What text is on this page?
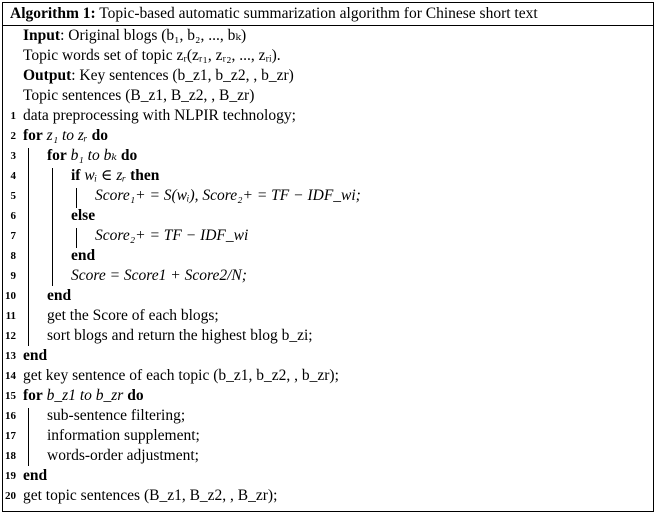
Algorithm 1: Topic-based automatic summarization algorithm for Chinese short text
Input: Original blogs (b₁, b₂, ..., bₖ)
Topic words set of topic zᵣ(zᵣ₁, zᵣ₂, ..., zᵣᵢ).
Output: Key sentences (b_z1, b_z2, , b_zr)
Topic sentences (B_z1, B_z2, , B_zr)
1 data preprocessing with NLPIR technology;
2 for z₁ to zᵣ do
3 for b₁ to bₖ do
4	if wᵢ ∈ zᵣ then
5	Score₁+ = S(wᵢ), Score₂+ = TF − IDF_wi;
6	else
7	Score₂+ = TF − IDF_wi
8	end
9	Score = Score1 + Score2/N;
10 end
11 get the Score of each blogs;
12 sort blogs and return the highest blog b_zi;
13 end
14 get key sentence of each topic (b_z1, b_z2, , b_zr);
15 for b_z1 to b_zr do
16 sub-sentence filtering;
17 information supplement;
18 words-order adjustment;
19 end
20 get topic sentences (B_z1, B_z2, , B_zr);
